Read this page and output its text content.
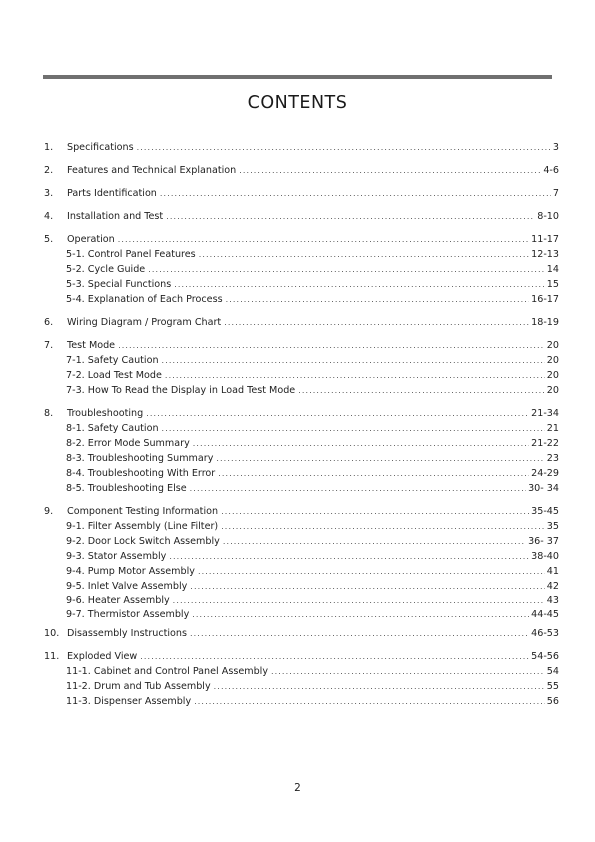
CONTENTS
1. Specifications .....	3
2. Features and Technical Explanation .....	4-6
3. Parts Identification .....	7
4. Installation and Test .....	8-10
5. Operation .....	11-17
5-1. Control Panel Features .....	12-13
5-2. Cycle Guide .....	14
5-3. Special Functions .....	15
5-4. Explanation of Each Process .....	16-17
6. Wiring Diagram / Program Chart .....	18-19
7. Test Mode .....	20
7-1. Safety Caution .....	20
7-2. Load Test Mode .....	20
7-3. How To Read the Display in Load Test Mode .....	20
8. Troubleshooting .....	21-34
8-1. Safety Caution .....	21
8-2. Error Mode Summary .....	21-22
8-3. Troubleshooting Summary .....	23
8-4. Troubleshooting With Error .....	24-29
8-5. Troubleshooting Else .....	30- 34
9. Component Testing Information .....	35-45
9-1. Filter Assembly (Line Filter) .....	35
9-2. Door Lock Switch Assembly .....	36- 37
9-3. Stator Assembly .....	38-40
9-4. Pump Motor Assembly .....	41
9-5. Inlet Valve Assembly .....	42
9-6. Heater Assembly .....	43
9-7. Thermistor Assembly .....	44-45
10. Disassembly Instructions .....	46-53
11. Exploded View .....	54-56
11-1. Cabinet and Control Panel Assembly .....	54
11-2. Drum and Tub Assembly .....	55
11-3. Dispenser Assembly .....	56
2
